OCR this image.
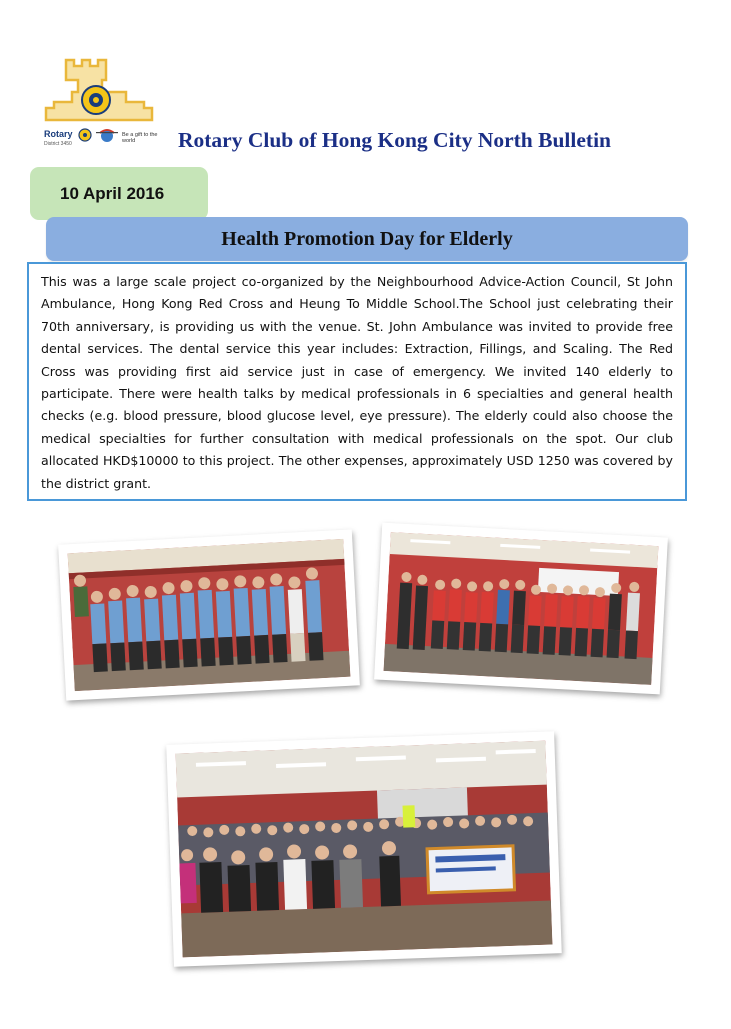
Rotary
District 3450
Be a gift to the world	Rotary Club of Hong Kong City North Bulletin
10 April 2016
Health Promotion Day for Elderly

This was a large scale project co-organized by the Neighbourhood Advice-Action Council, St John Ambulance, Hong Kong Red Cross and Heung To Middle School.The School just celebrating their 70th anniversary, is providing us with the venue. St. John Ambulance was invited to provide free dental services. The dental service this year includes: Extraction, Fillings, and Scaling. The Red Cross was providing first aid service just in case of emergency. We invited 140 elderly to participate. There were health talks by medical professionals in 6 specialties and general health checks (e.g. blood pressure, blood glucose level, eye pressure). The elderly could also choose the medical specialties for further consultation with medical professionals on the spot. Our club allocated HKD$10000 to this project. The other expenses, approximately USD 1250 was covered by the district grant.
